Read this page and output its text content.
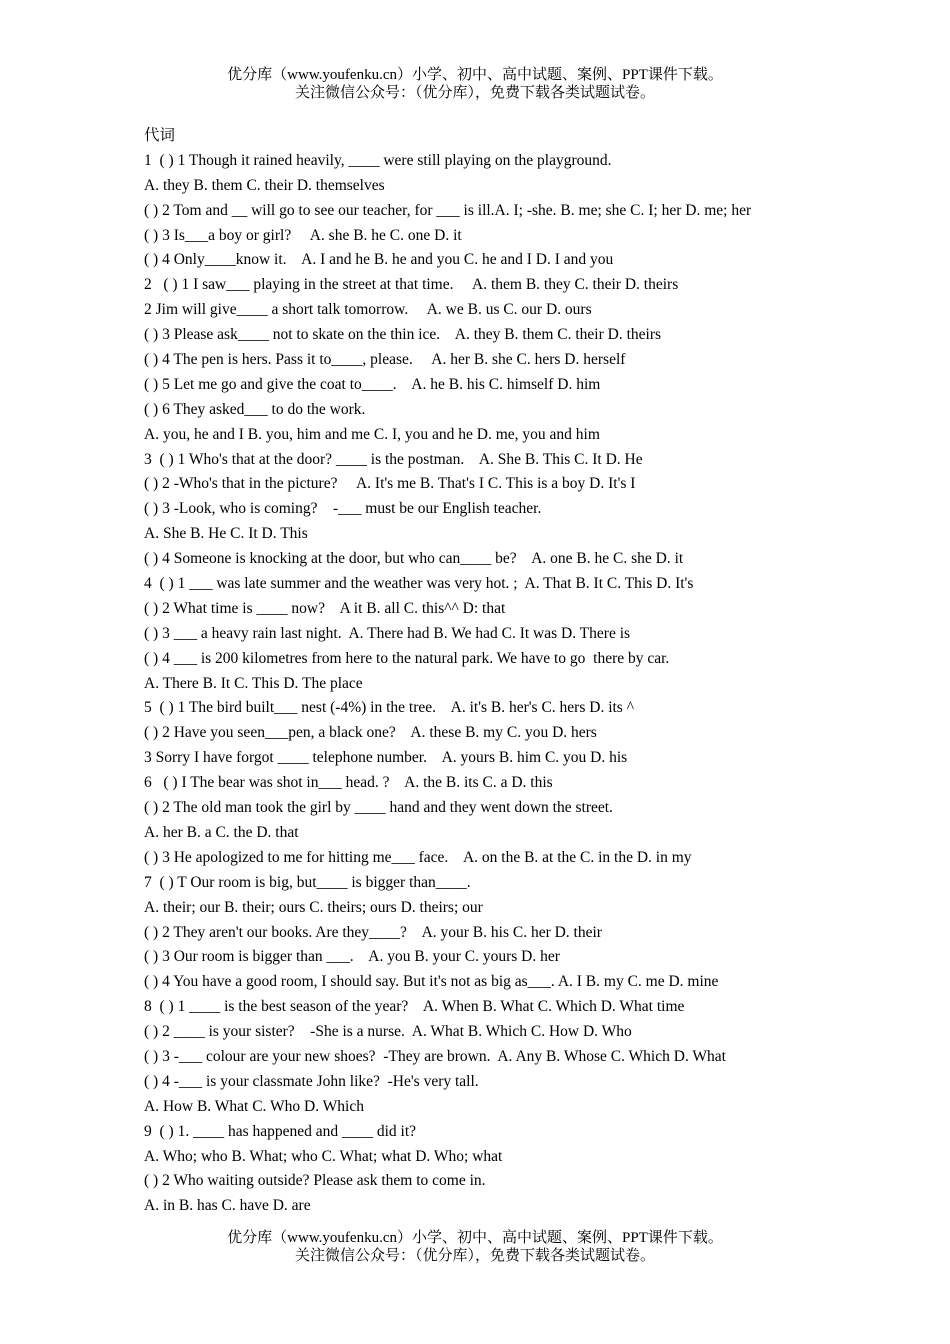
优分库（www.youfenku.cn）小学、初中、高中试题、案例、PPT课件下载。
关注微信公众号：（优分库），免费下载各类试题试卷。
代词
1  ( ) 1 Though it rained heavily, ____ were still playing on the playground.
A. they B. them C. their D. themselves
( ) 2 Tom and __ will go to see our teacher, for ___ is ill.A. I; -she. B. me; she C. I; her D. me; her
( ) 3 Is___a boy or girl?     A. she B. he C. one D. it
( ) 4 Only____know it.    A. I and he B. he and you C. he and I D. I and you
2   ( ) 1 I saw___ playing in the street at that time.     A. them B. they C. their D. theirs
2 Jim will give____ a short talk tomorrow.     A. we B. us C. our D. ours
( ) 3 Please ask____ not to skate on the thin ice.    A. they B. them C. their D. theirs
( ) 4 The pen is hers. Pass it to____, please.     A. her B. she C. hers D. herself
( ) 5 Let me go and give the coat to____.    A. he B. his C. himself D. him
( ) 6 They asked___ to do the work.
A. you, he and I B. you, him and me C. I, you and he D. me, you and him
3  ( ) 1 Who's that at the door? ____ is the postman.    A. She B. This C. It D. He
( ) 2 -Who's that in the picture?     A. It's me B. That's I C. This is a boy D. It's I
( ) 3 -Look, who is coming?    -___ must be our English teacher.
A. She B. He C. It D. This
( ) 4 Someone is knocking at the door, but who can____ be?    A. one B. he C. she D. it
4  ( ) 1 ___ was late summer and the weather was very hot. ;  A. That B. It C. This D. It's
( ) 2 What time is ____ now?    A it B. all C. this^^ D: that
( ) 3 ___ a heavy rain last night.  A. There had B. We had C. It was D. There is
( ) 4 ___ is 200 kilometres from here to the natural park. We have to go  there by car.
A. There B. It C. This D. The place
5  ( ) 1 The bird built___ nest (-4%) in the tree.    A. it's B. her's C. hers D. its ^
( ) 2 Have you seen___pen, a black one?    A. these B. my C. you D. hers
3 Sorry I have forgot ____ telephone number.    A. yours B. him C. you D. his
6   ( ) I The bear was shot in___ head. ?    A. the B. its C. a D. this
( ) 2 The old man took the girl by ____ hand and they went down the street.
A. her B. a C. the D. that
( ) 3 He apologized to me for hitting me___ face.    A. on the B. at the C. in the D. in my
7  ( ) T Our room is big, but____ is bigger than____.
A. their; our B. their; ours C. theirs; ours D. theirs; our
( ) 2 They aren't our books. Are they____?    A. your B. his C. her D. their
( ) 3 Our room is bigger than ___.    A. you B. your C. yours D. her
( ) 4 You have a good room, I should say. But it's not as big as___. A. I B. my C. me D. mine
8  ( ) 1 ____ is the best season of the year?    A. When B. What C. Which D. What time
( ) 2 ____ is your sister?    -She is a nurse.  A. What B. Which C. How D. Who
( ) 3 -___ colour are your new shoes?  -They are brown.  A. Any B. Whose C. Which D. What
( ) 4 -___ is your classmate John like?  -He's very tall.
A. How B. What C. Who D. Which
9  ( ) 1. ____ has happened and ____ did it?
A. Who; who B. What; who C. What; what D. Who; what
( ) 2 Who waiting outside? Please ask them to come in.
A. in B. has C. have D. are
优分库（www.youfenku.cn）小学、初中、高中试题、案例、PPT课件下载。
关注微信公众号：（优分库），免费下载各类试题试卷。
